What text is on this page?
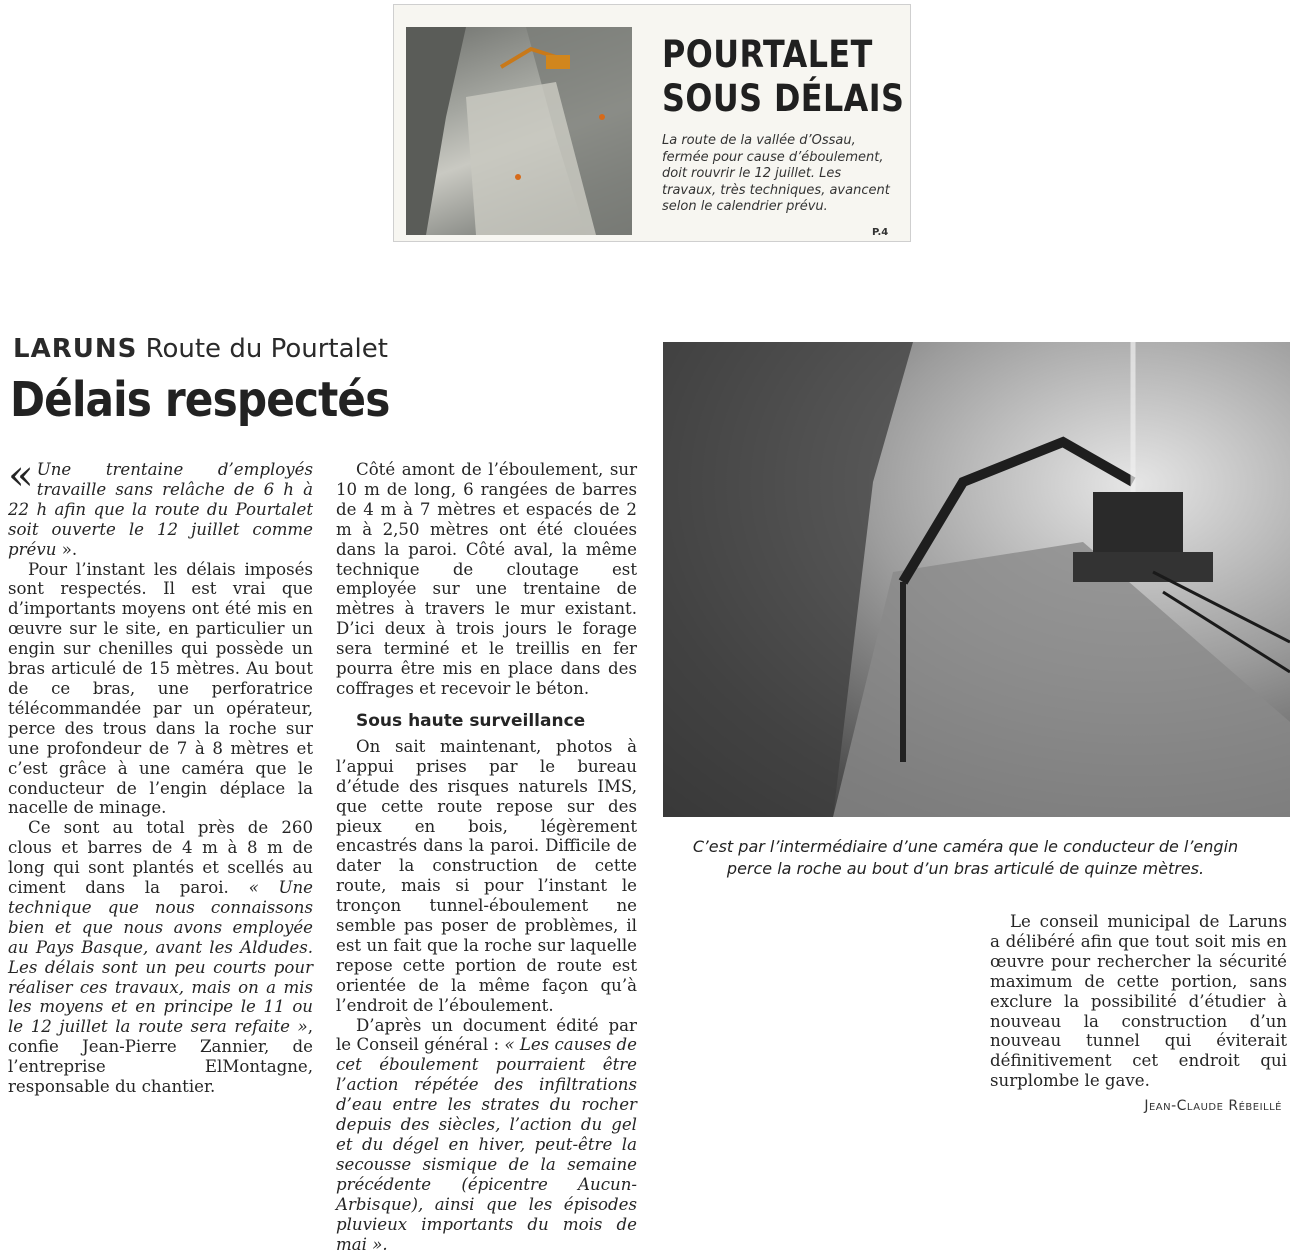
POURTALET
SOUS DÉLAIS
La route de la vallée d’Ossau, fermée pour cause d’éboulement, doit rouvrir le 12 juillet. Les travaux, très techniques, avancent selon le calendrier prévu.
P.4
LARUNS Route du Pourtalet
Délais respectés

« Une trentaine d’employés travaille sans relâche de 6 h à 22 h afin que la route du Pourtalet soit ouverte le 12 juillet comme prévu ».

Pour l’instant les délais imposés sont respectés. Il est vrai que d’importants moyens ont été mis en œuvre sur le site, en particulier un engin sur chenilles qui possède un bras articulé de 15 mètres. Au bout de ce bras, une perforatrice télécommandée par un opérateur, perce des trous dans la roche sur une profondeur de 7 à 8 mètres et c’est grâce à une caméra que le conducteur de l’engin déplace la nacelle de minage.

Ce sont au total près de 260 clous et barres de 4 m à 8 m de long qui sont plantés et scellés au ciment dans la paroi. « Une technique que nous connaissons bien et que nous avons employée au Pays Basque, avant les Aldudes. Les délais sont un peu courts pour réaliser ces travaux, mais on a mis les moyens et en principe le 11 ou le 12 juillet la route sera refaite », confie Jean-Pierre Zannier, de l’entreprise ElMontagne, responsable du chantier.

Côté amont de l’éboulement, sur 10 m de long, 6 rangées de barres de 4 m à 7 mètres et espacés de 2 m à 2,50 mètres ont été clouées dans la paroi. Côté aval, la même technique de cloutage est employée sur une trentaine de mètres à travers le mur existant. D’ici deux à trois jours le forage sera terminé et le treillis en fer pourra être mis en place dans des coffrages et recevoir le béton.

Sous haute surveillance

On sait maintenant, photos à l’appui prises par le bureau d’étude des risques naturels IMS, que cette route repose sur des pieux en bois, légèrement encastrés dans la paroi. Difficile de dater la construction de cette route, mais si pour l’instant le tronçon tunnel-éboulement ne semble pas poser de problèmes, il est un fait que la roche sur laquelle repose cette portion de route est orientée de la même façon qu’à l’endroit de l’éboulement.

D’après un document édité par le Conseil général : « Les causes de cet éboulement pourraient être l’action répétée des infiltrations d’eau entre les strates du rocher depuis des siècles, l’action du gel et du dégel en hiver, peut-être la secousse sismique de la semaine précédente (épicentre Aucun-Arbisque), ainsi que les épisodes pluvieux importants du mois de mai ».

C’est par l’intermédiaire d’une caméra que le conducteur de l’engin perce la roche au bout d’un bras articulé de quinze mètres.

Le conseil municipal de Laruns a délibéré afin que tout soit mis en œuvre pour rechercher la sécurité maximum de cette portion, sans exclure la possibilité d’étudier à nouveau la construction d’un nouveau tunnel qui éviterait définitivement cet endroit qui surplombe le gave.

Jean-Claude Rébeillé
